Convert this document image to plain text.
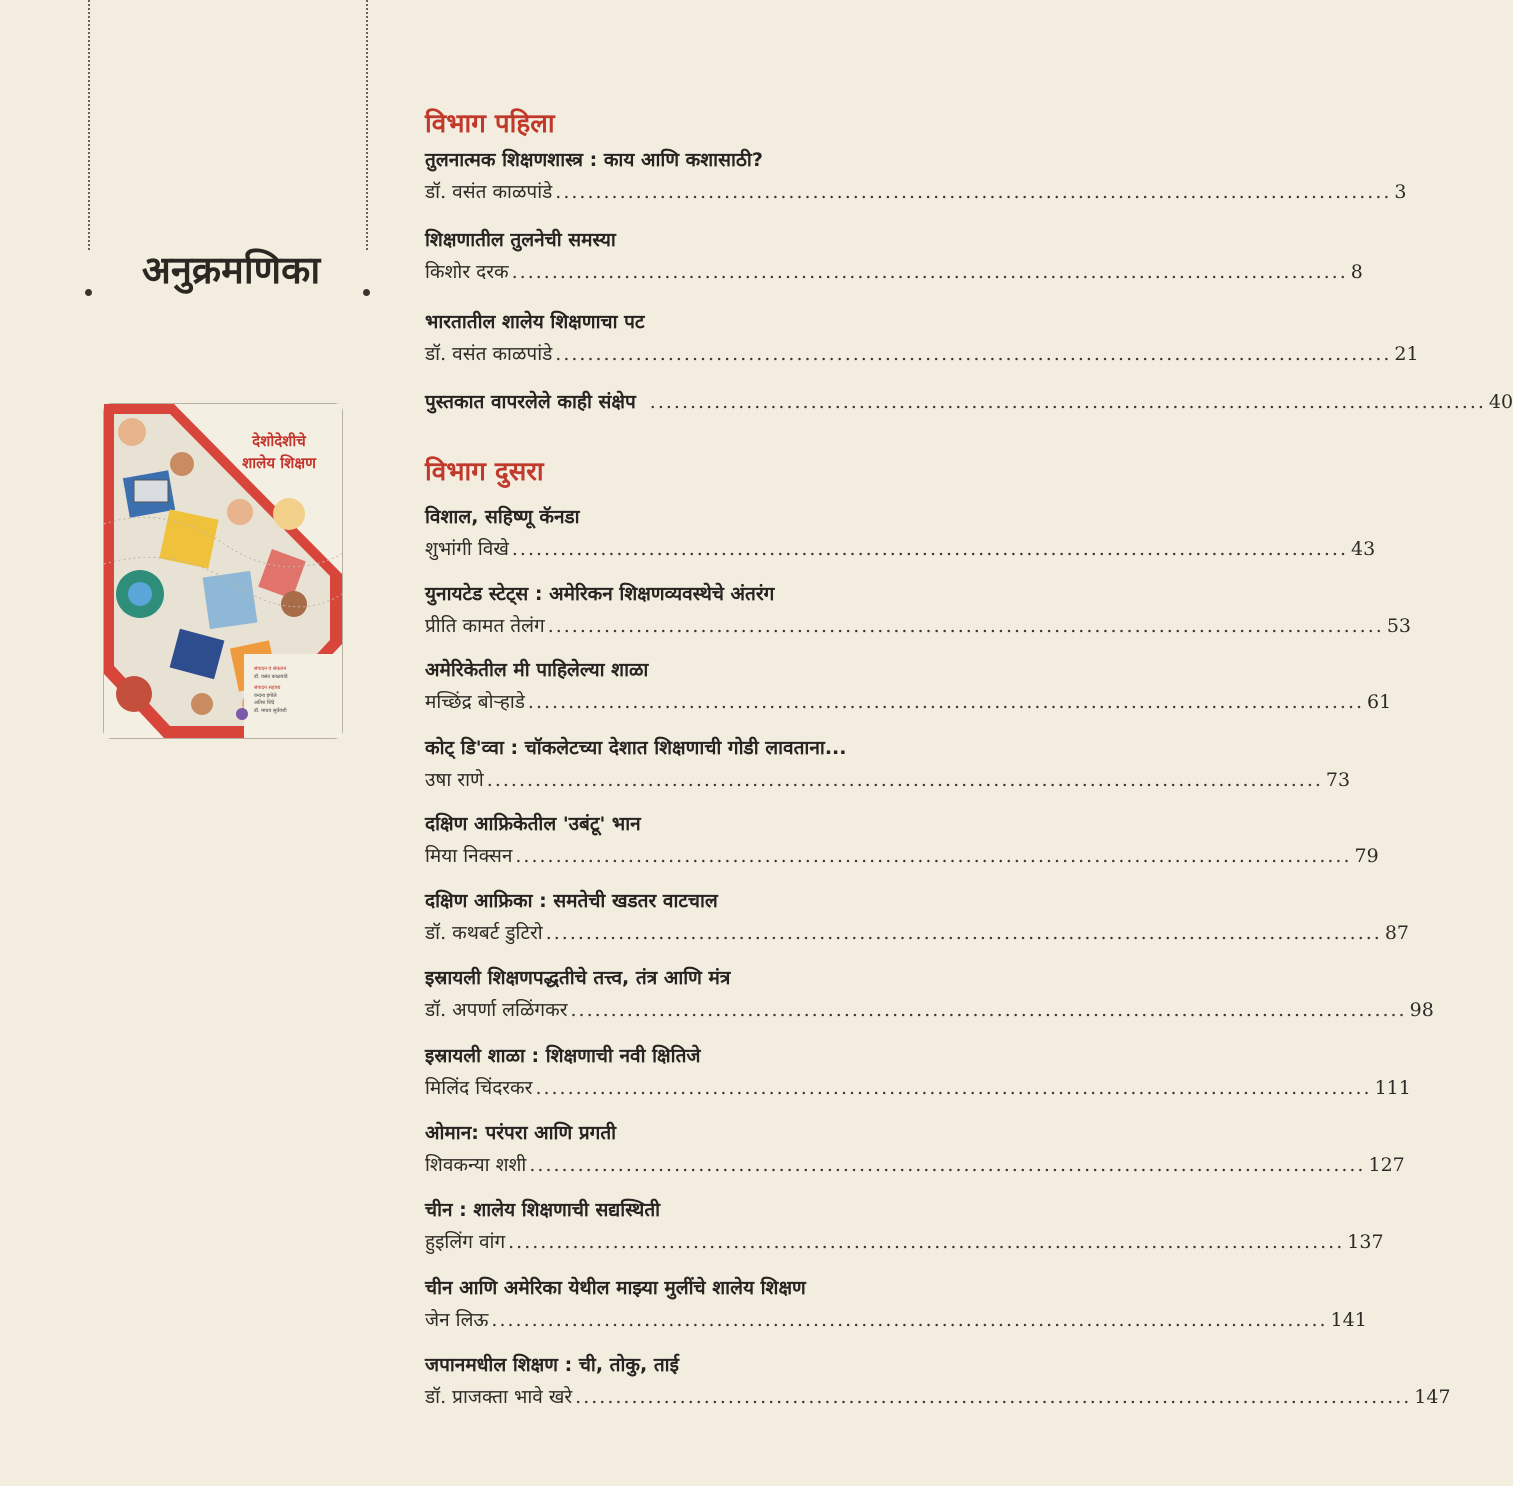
अनुक्रमणिका
देशोदेशीचे
शालेय शिक्षण
संपादन व संकलन
डॉ. वसंत काळपांडे
संपादन सहाय्य
वन्दना इंगोले
अतिश शिंदे
डॉ. माधव सूर्यवंशी
विभाग पहिला
तुलनात्मक शिक्षणशास्त्र : काय आणि कशासाठी?
डॉ. वसंत काळपांडे ........................................................................................................ 3
शिक्षणातील तुलनेची समस्या
किशोर दरक ........................................................................................................ 8
भारतातील शालेय शिक्षणाचा पट
डॉ. वसंत काळपांडे ........................................................................................................ 21
पुस्तकात वापरलेले काही संक्षेप ........................................................................................................ 40
विभाग दुसरा
विशाल, सहिष्णू कॅनडा
शुभांगी विखे ........................................................................................................ 43
युनायटेड स्टेट्स : अमेरिकन शिक्षणव्यवस्थेचे अंतरंग
प्रीति कामत तेलंग ........................................................................................................ 53
अमेरिकेतील मी पाहिलेल्या शाळा
मच्छिंद्र बोऱ्हाडे ........................................................................................................ 61
कोट् डि'व्वा : चॉकलेटच्या देशात शिक्षणाची गोडी लावताना...
उषा राणे ........................................................................................................ 73
दक्षिण आफ्रिकेतील 'उबंटू' भान
मिया निक्सन ........................................................................................................ 79
दक्षिण आफ्रिका : समतेची खडतर वाटचाल
डॉ. कथबर्ट डुटिरो ........................................................................................................ 87
इस्रायली शिक्षणपद्धतीचे तत्त्व, तंत्र आणि मंत्र
डॉ. अपर्णा लळिंगकर ........................................................................................................ 98
इस्रायली शाळा : शिक्षणाची नवी क्षितिजे
मिलिंद चिंदरकर ........................................................................................................ 111
ओमान: परंपरा आणि प्रगती
शिवकन्या शशी ........................................................................................................ 127
चीन : शालेय शिक्षणाची सद्यस्थिती
हुइलिंग वांग ........................................................................................................ 137
चीन आणि अमेरिका येथील माझ्या मुलींचे शालेय शिक्षण
जेन लिऊ ........................................................................................................ 141
जपानमधील शिक्षण : ची, तोकु, ताई
डॉ. प्राजक्ता भावे खरे ........................................................................................................ 147
